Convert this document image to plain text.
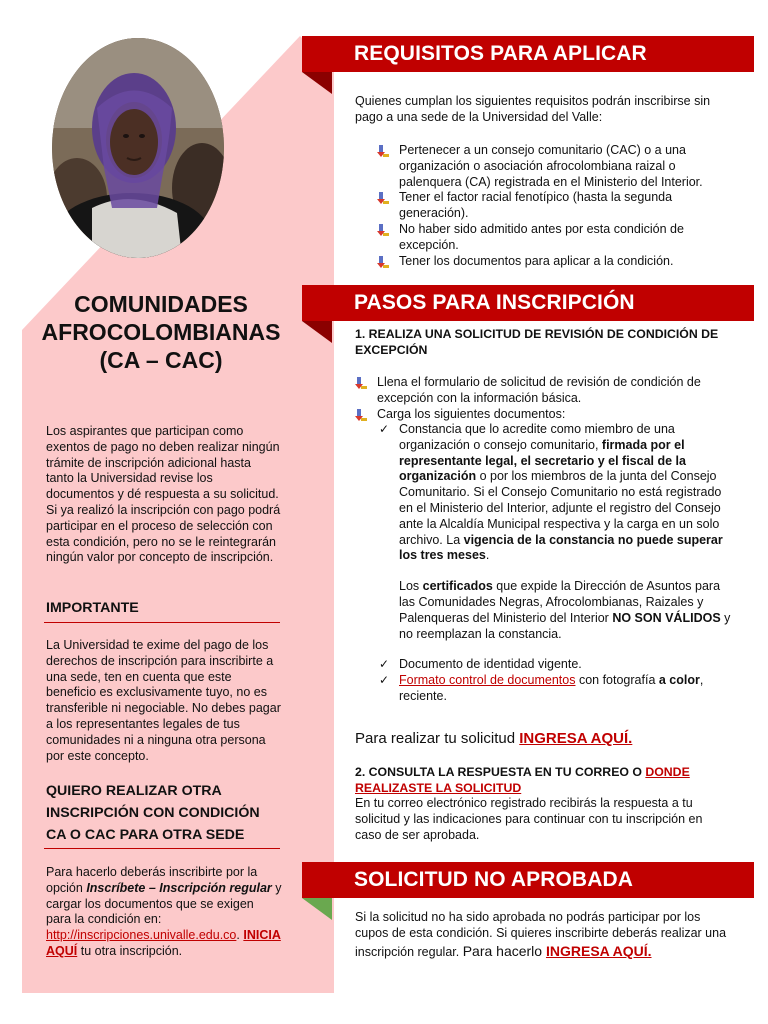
COMUNIDADES
AFROCOLOMBIANAS
(CA – CAC)
Los aspirantes que participan como exentos de pago no deben realizar ningún trámite de inscripción adicional hasta tanto la Universidad revise los documentos y dé respuesta a su solicitud. Si ya realizó la inscripción con pago podrá participar en el proceso de selección con esta condición, pero no se le reintegrarán ningún valor por concepto de inscripción.
IMPORTANTE
La Universidad te exime del pago de los derechos de inscripción para inscribirte a una sede, ten en cuenta que este beneficio es exclusivamente tuyo, no es transferible ni negociable. No debes pagar a los representantes legales de tus comunidades ni a ninguna otra persona por este concepto.
QUIERO REALIZAR OTRA INSCRIPCIÓN CON CONDICIÓN CA O CAC PARA OTRA SEDE
Para hacerlo deberás inscribirte por la opción Inscríbete – Inscripción regular y cargar los documentos que se exigen para la condición en: http://inscripciones.univalle.edu.co. INICIA AQUÍ tu otra inscripción.
REQUISITOS PARA APLICAR
Quienes cumplan los siguientes requisitos podrán inscribirse sin pago a una sede de la Universidad del Valle:
Pertenecer a un consejo comunitario (CAC) o a una organización o asociación afrocolombiana raizal o palenquera (CA) registrada en el Ministerio del Interior.
Tener el factor racial fenotípico (hasta la segunda generación).
No haber sido admitido antes por esta condición de excepción.
Tener los documentos para aplicar a la condición.
PASOS PARA INSCRIPCIÓN
1. REALIZA UNA SOLICITUD DE REVISIÓN DE CONDICIÓN DE EXCEPCIÓN
Llena el formulario de solicitud de revisión de condición de excepción con la información básica.
Carga los siguientes documentos:
✓ Constancia que lo acredite como miembro de una organización o consejo comunitario, firmada por el representante legal, el secretario y el fiscal de la organización o por los miembros de la junta del Consejo Comunitario. Si el Consejo Comunitario no está registrado en el Ministerio del Interior, adjunte el registro del Consejo ante la Alcaldía Municipal respectiva y la carga en un solo archivo. La vigencia de la constancia no puede superar los tres meses.
Los certificados que expide la Dirección de Asuntos para las Comunidades Negras, Afrocolombianas, Raizales y Palenqueras del Ministerio del Interior NO SON VÁLIDOS y no reemplazan la constancia.
✓ Documento de identidad vigente.
✓ Formato control de documentos con fotografía a color, reciente.
Para realizar tu solicitud INGRESA AQUÍ.
2. CONSULTA LA RESPUESTA EN TU CORREO O DONDE REALIZASTE LA SOLICITUD
En tu correo electrónico registrado recibirás la respuesta a tu solicitud y las indicaciones para continuar con tu inscripción en caso de ser aprobada.
SOLICITUD NO APROBADA
Si la solicitud no ha sido aprobada no podrás participar por los cupos de esta condición. Si quieres inscribirte deberás realizar una inscripción regular. Para hacerlo INGRESA AQUÍ.
